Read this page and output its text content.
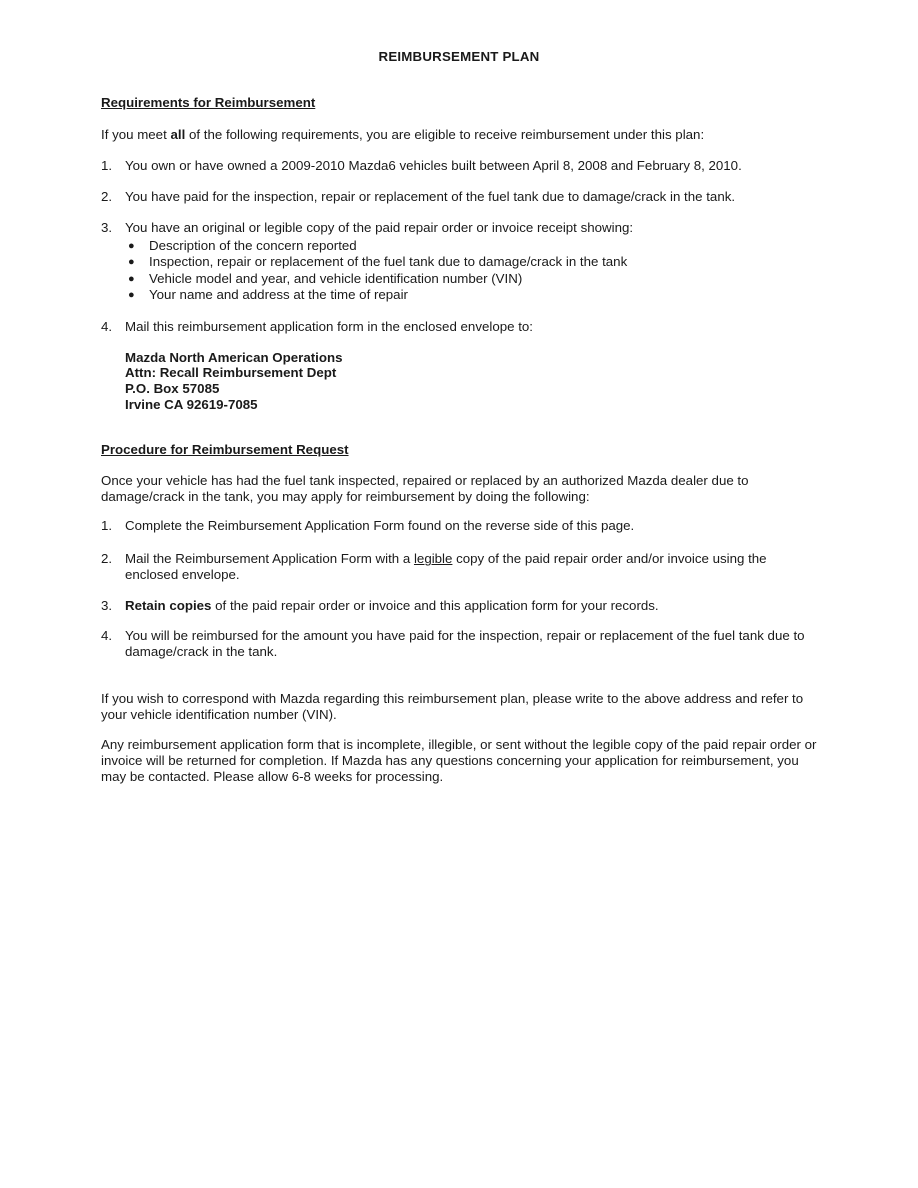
REIMBURSEMENT PLAN
Requirements for Reimbursement
If you meet all of the following requirements, you are eligible to receive reimbursement under this plan:
1. You own or have owned a 2009-2010 Mazda6 vehicles built between April 8, 2008 and February 8, 2010.
2. You have paid for the inspection, repair or replacement of the fuel tank due to damage/crack in the tank.
3. You have an original or legible copy of the paid repair order or invoice receipt showing:
●	Description of the concern reported
●	Inspection, repair or replacement of the fuel tank due to damage/crack in the tank
●	Vehicle model and year, and vehicle identification number (VIN)
●	Your name and address at the time of repair
4. Mail this reimbursement application form in the enclosed envelope to:
Mazda North American Operations
Attn: Recall Reimbursement Dept
P.O. Box 57085
Irvine CA 92619-7085
Procedure for Reimbursement Request
Once your vehicle has had the fuel tank inspected, repaired or replaced by an authorized Mazda dealer due to damage/crack in the tank, you may apply for reimbursement by doing the following:
1. Complete the Reimbursement Application Form found on the reverse side of this page.
2. Mail the Reimbursement Application Form with a legible copy of the paid repair order and/or invoice using the enclosed envelope.
3. Retain copies of the paid repair order or invoice and this application form for your records.
4. You will be reimbursed for the amount you have paid for the inspection, repair or replacement of the fuel tank due to damage/crack in the tank.
If you wish to correspond with Mazda regarding this reimbursement plan, please write to the above address and refer to your vehicle identification number (VIN).
Any reimbursement application form that is incomplete, illegible, or sent without the legible copy of the paid repair order or invoice will be returned for completion. If Mazda has any questions concerning your application for reimbursement, you may be contacted. Please allow 6-8 weeks for processing.
